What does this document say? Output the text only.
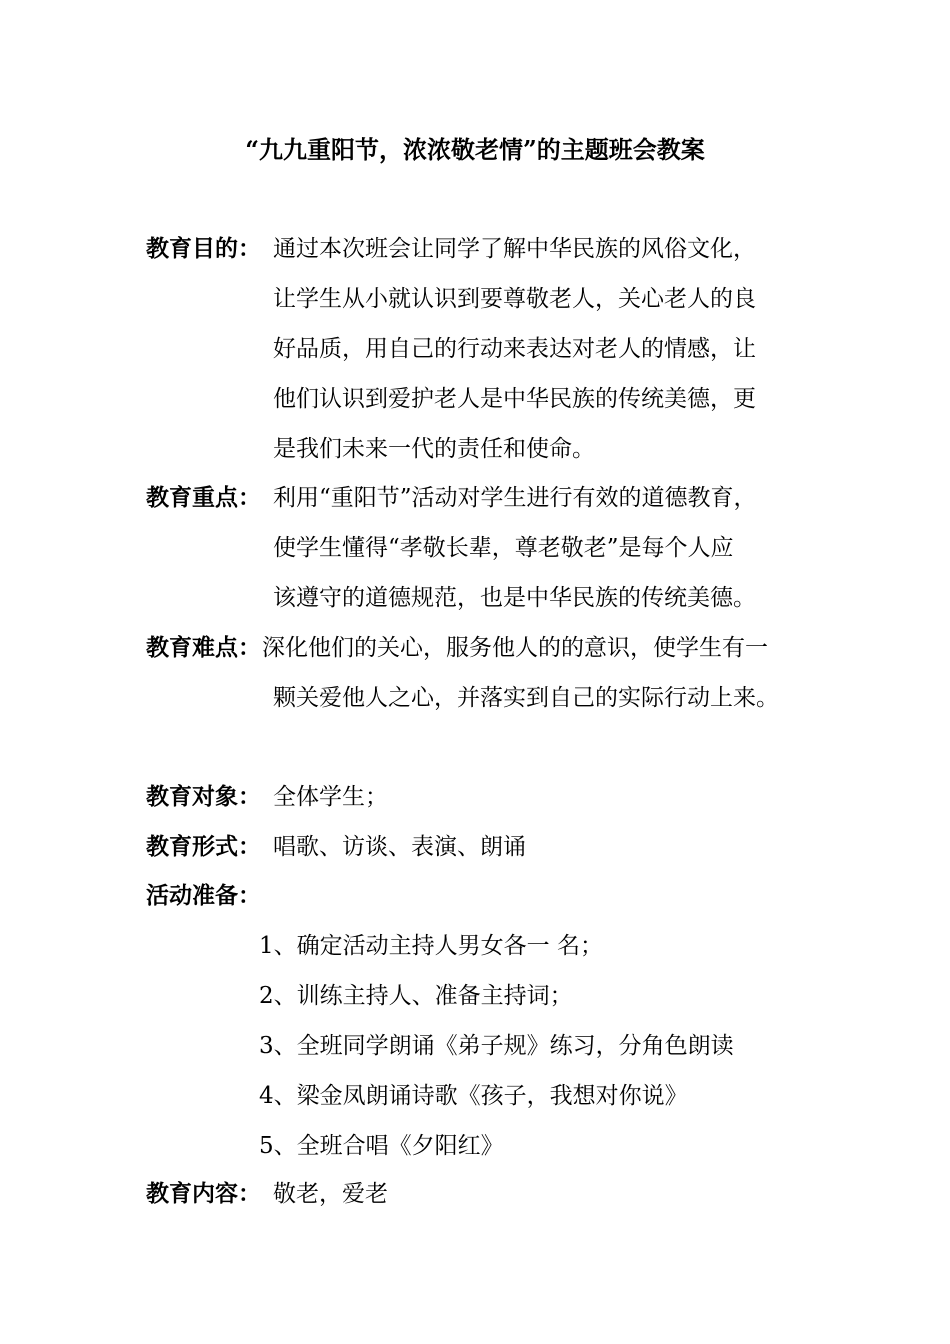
“九九重阳节，浓浓敬老情”的主题班会教案
教育目的： 通过本次班会让同学了解中华民族的风俗文化，
让学生从小就认识到要尊敬老人，关心老人的良
好品质，用自己的行动来表达对老人的情感，让
他们认识到爱护老人是中华民族的传统美德，更
是我们未来一代的责任和使命。
教育重点： 利用“重阳节”活动对学生进行有效的道德教育，
使学生懂得“孝敬长辈，尊老敬老”是每个人应
该遵守的道德规范，也是中华民族的传统美德。
教育难点： 深化他们的关心，服务他人的的意识，使学生有一
颗关爱他人之心，并落实到自己的实际行动上来。
教育对象： 全体学生；
教育形式： 唱歌、访谈、表演、朗诵
活动准备：
1、确定活动主持人男女各一 名；
2、训练主持人、准备主持词；
3、全班同学朗诵《弟子规》练习，分角色朗读
4、梁金凤朗诵诗歌《孩子，我想对你说》
5、全班合唱《夕阳红》
教育内容： 敬老，爱老
